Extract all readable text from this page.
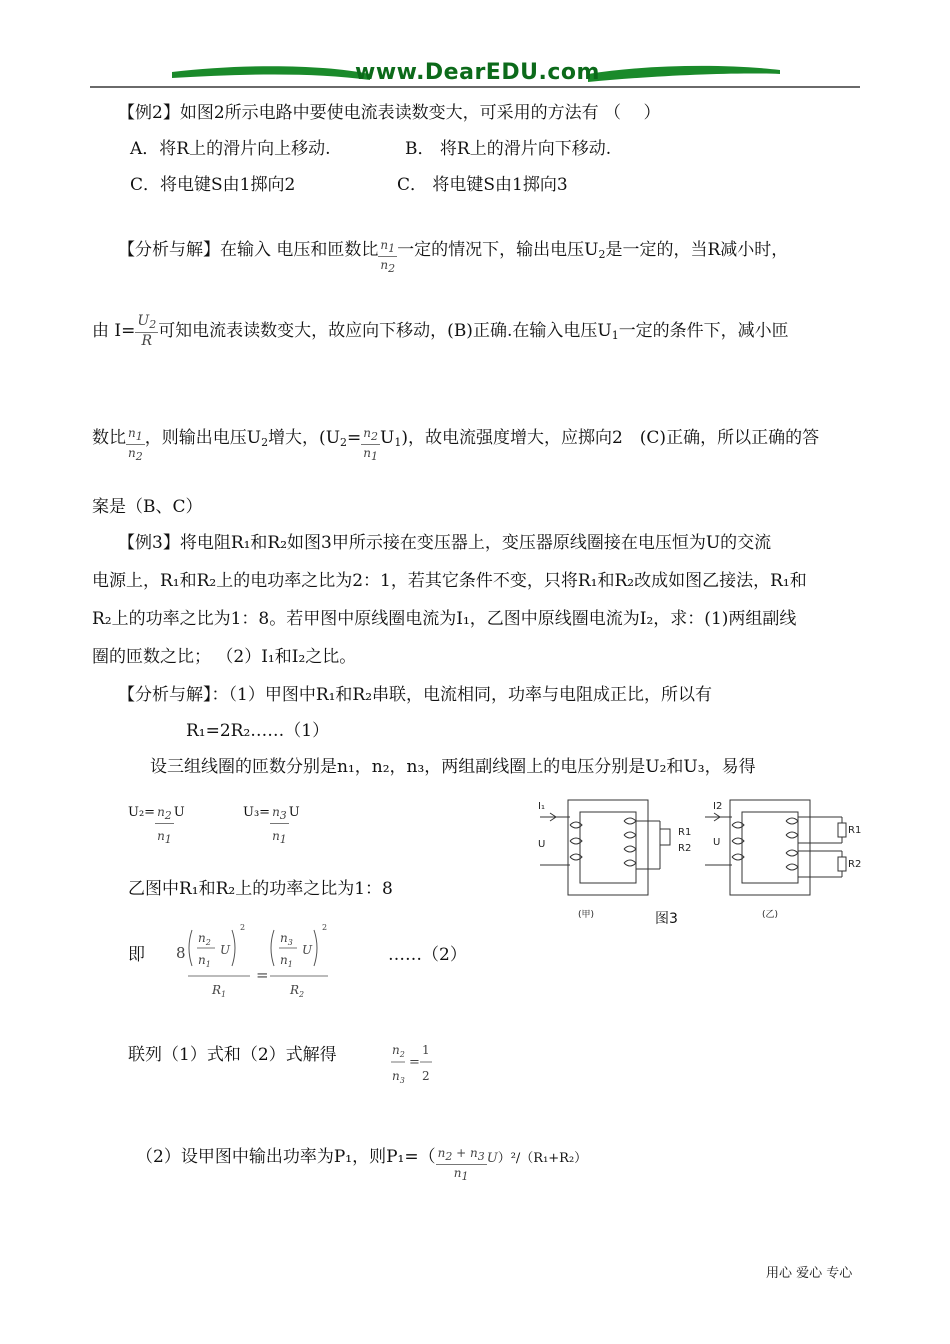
www.DearEDU.com
【例2】如图2所示电路中要使电流表读数变大，可采用的方法有 （　 ）
A．将R上的滑片向上移动.	B． 将R上的滑片向下移动.
C．将电键S由1掷向2	C． 将电键S由1掷向3
【分析与解】在输入 电压和匝数比 $\frac{n_1}{n_2}$ 一定的情况下，输出电压$U_2$是一定的，当R减小时，
由 $I= \frac{U_2}{R}$ 可知电流表读数变大，故应向下移动，(B)正确.在输入电压$U_1$一定的条件下，减小匝
数比 $\frac{n_1}{n_2}$ ，则输出电压$U_2$增大，$(U_2= \frac{n_2}{n_1} U_1)$，故电流强度增大，应掷向2　(C)正确，所以正确的答
案是（B、C）
【例3】将电阻R₁和R₂如图3甲所示接在变压器上，变压器原线圈接在电压恒为U的交流
电源上，R₁和R₂上的电功率之比为2：1，若其它条件不变，只将R₁和R₂改成如图乙接法，R₁和
R₂上的功率之比为1：8。若甲图中原线圈电流为I₁，乙图中原线圈电流为I₂，求：(1)两组副线
圈的匝数之比； （2）I₁和I₂之比。
【分析与解】：（1）甲图中R₁和R₂串联，电流相同，功率与电阻成正比，所以有
R₁=2R₂……（1）
设三组线圈的匝数分别是n₁，n₂，n₃，两组副线圈上的电压分别是U₂和U₃，易得
$U_2= \frac{n_2}{n_1}$ U	$U_3= \frac{n_3}{n_1}$ U
乙图中R₁和R₂上的功率之比为1：8
即 8
$n_2$
$n_1$
U
2
$R_1$
=
$n_3$
$n_1$
U
2
$R_2$
……（2）
联列（1）式和（2）式解得	$n_2$
$n_3$
=
1
2
（2）设甲图中输出功率为P₁，则$P_1=( \frac{n_2 + n_3}{n_1} U)^2/(R_1+R_2)$
I₁
U
R1
R2
I2
U
R1
R2
(甲)	(乙)
图3
用心 爱心 专心
